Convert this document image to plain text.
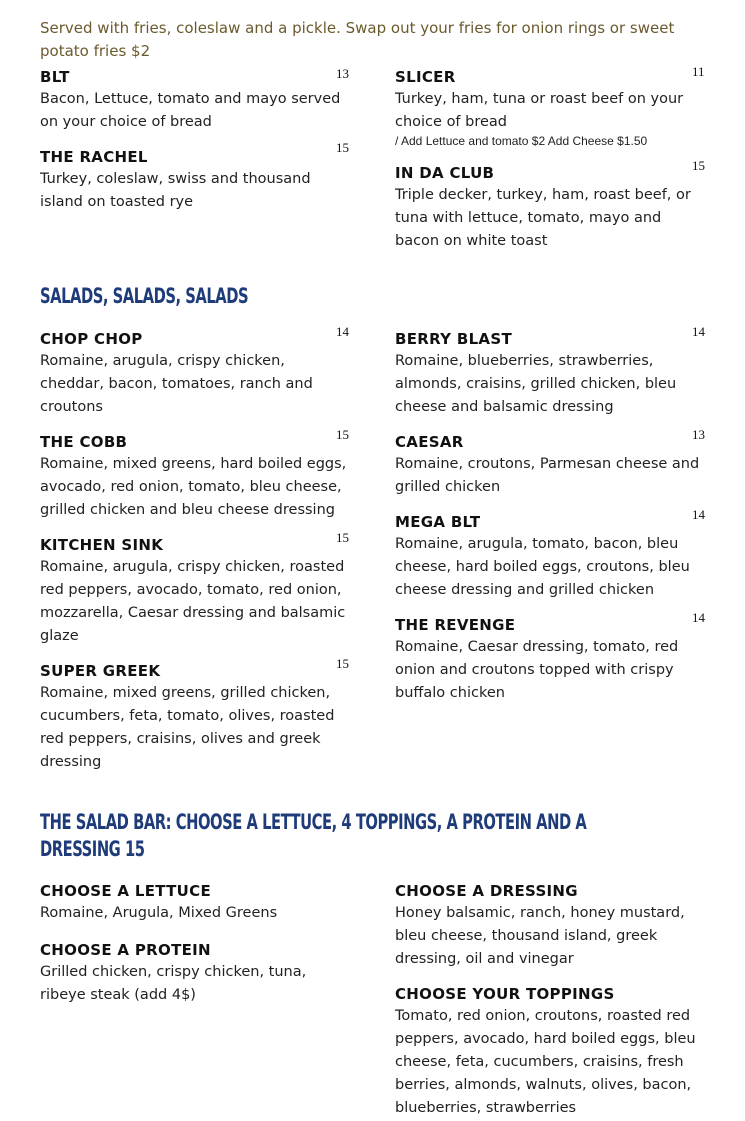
Served with fries, coleslaw and a pickle. Swap out your fries for onion rings or sweet potato fries $2

BLT	13

Bacon, Lettuce, tomato and mayo served on your choice of bread

THE RACHEL

15

Turkey, coleslaw, swiss and thousand island on toasted rye

SLICER	11

Turkey, ham, tuna or roast beef on your choice of bread

/ Add Lettuce and tomato $2 Add Cheese $1.50

IN DA CLUB	15

Triple decker, turkey, ham, roast beef, or tuna with lettuce, tomato, mayo and bacon on white toast

SALADS, SALADS, SALADS

CHOP CHOP	14

Romaine, arugula, crispy chicken, cheddar, bacon, tomatoes, ranch and croutons

THE COBB	15

Romaine, mixed greens, hard boiled eggs, avocado, red onion, tomato, bleu cheese, grilled chicken and bleu cheese dressing

KITCHEN SINK	15

Romaine, arugula, crispy chicken, roasted red peppers, avocado, tomato, red onion, mozzarella, Caesar dressing and balsamic glaze

SUPER GREEK	15

Romaine, mixed greens, grilled chicken, cucumbers, feta, tomato, olives, roasted red peppers, craisins, olives and greek dressing

BERRY BLAST	14

Romaine, blueberries, strawberries, almonds, craisins, grilled chicken, bleu cheese and balsamic dressing

CAESAR	13

Romaine, croutons, Parmesan cheese and grilled chicken

MEGA BLT	14

Romaine, arugula, tomato, bacon, bleu cheese, hard boiled eggs, croutons, bleu cheese dressing and grilled chicken

THE REVENGE	14

Romaine, Caesar dressing, tomato, red onion and croutons topped with crispy buffalo chicken

THE SALAD BAR: CHOOSE A LETTUCE, 4 TOPPINGS, A PROTEIN AND A
DRESSING 15

CHOOSE A LETTUCE

Romaine, Arugula, Mixed Greens

CHOOSE A PROTEIN

Grilled chicken, crispy chicken, tuna, ribeye steak (add 4$)

CHOOSE A DRESSING

Honey balsamic, ranch, honey mustard, bleu cheese, thousand island, greek dressing, oil and vinegar

CHOOSE YOUR TOPPINGS

Tomato, red onion, croutons, roasted red peppers, avocado, hard boiled eggs, bleu cheese, feta, cucumbers, craisins, fresh berries, almonds, walnuts, olives, bacon, blueberries, strawberries
